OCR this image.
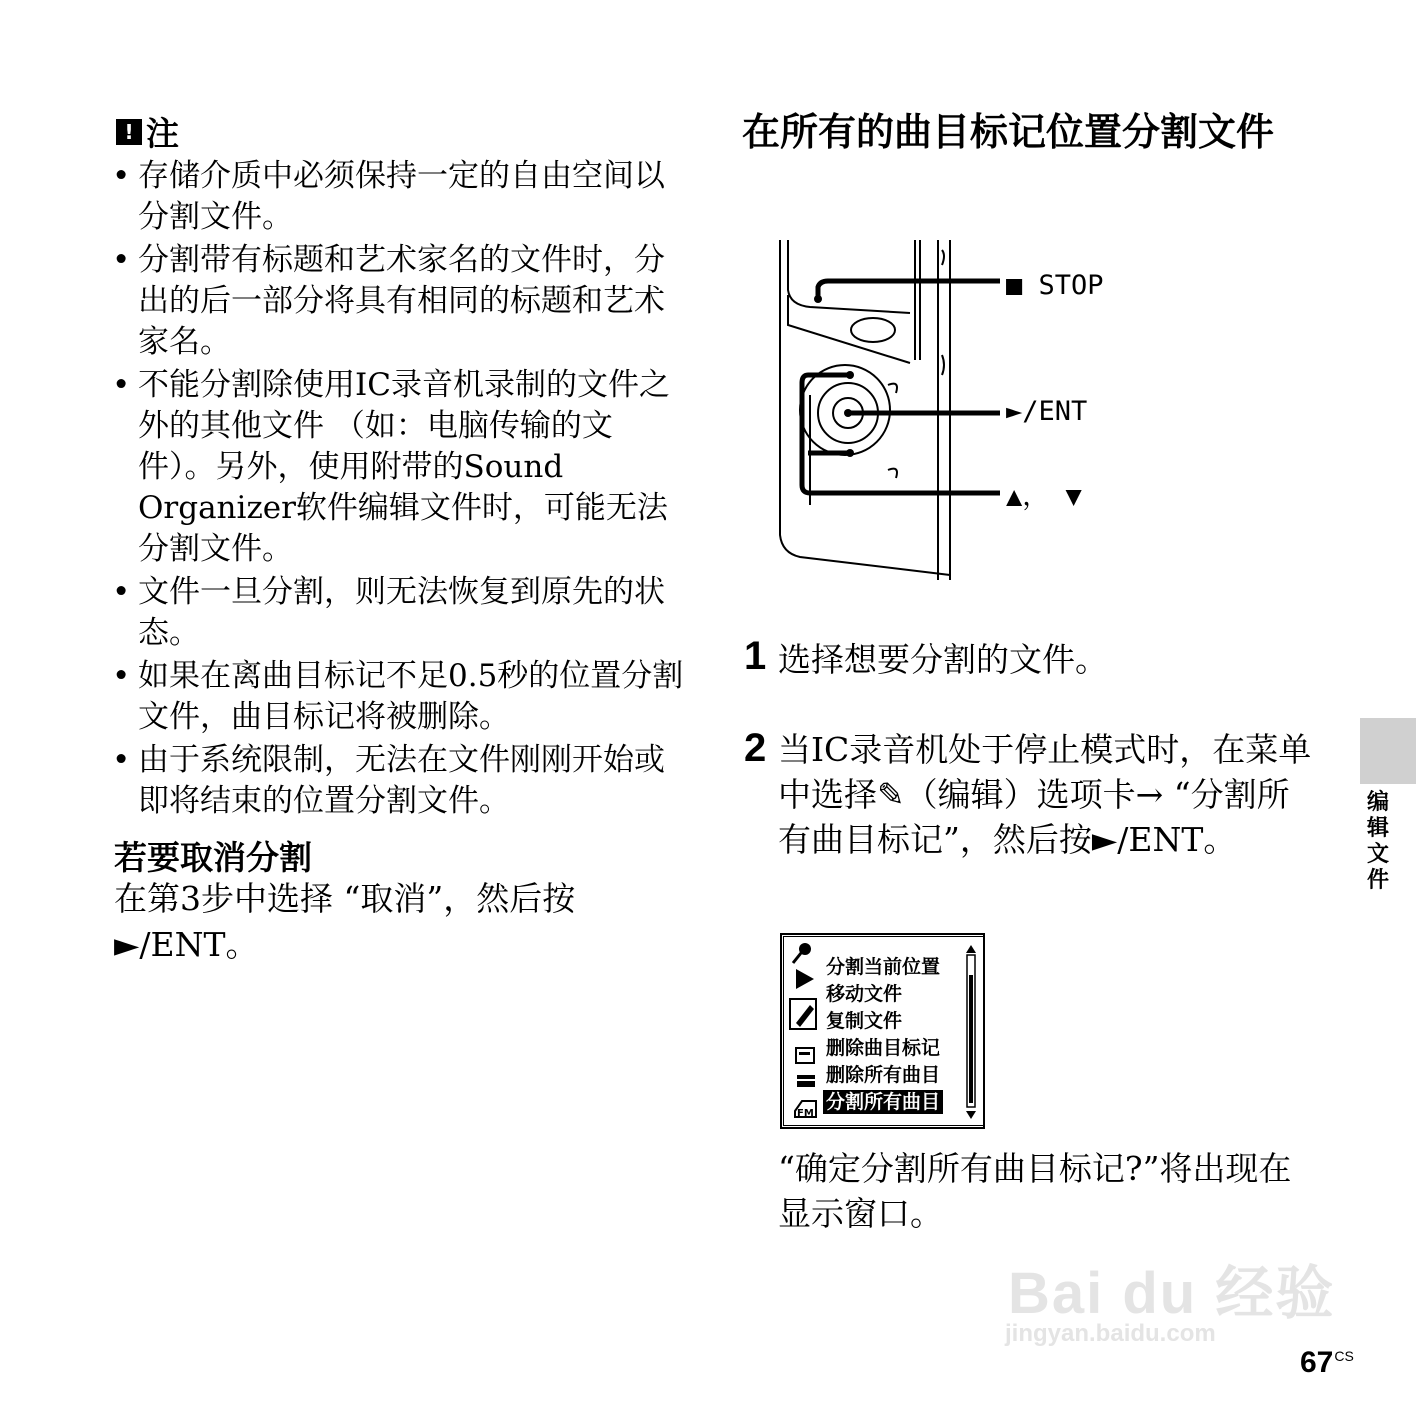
! 注
• 存储介质中必须保持一定的自由空间以分割文件。
• 分割带有标题和艺术家名的文件时，分出的后一部分将具有相同的标题和艺术家名。
• 不能分割除使用IC录音机录制的文件之外的其他文件 （如：电脑传输的文件）。另外，使用附带的Sound Organizer软件编辑文件时，可能无法分割文件。
• 文件一旦分割，则无法恢复到原先的状态。
• 如果在离曲目标记不足0.5秒的位置分割文件，曲目标记将被删除。
• 由于系统限制，无法在文件刚刚开始或即将结束的位置分割文件。
若要取消分割
在第3步中选择 “取消”，然后按►/ENT。
在所有的曲目标记位置分割文件
■ STOP
►/ENT
▲， ▼
1 选择想要分割的文件。
2 当IC录音机处于停止模式时，在菜单中选择✎（编辑）选项卡→ “分割所有曲目标记”，然后按►/ENT。
FM
分割当前位置
移动文件
复制文件
删除曲目标记
删除所有曲目
分割所有曲目
“确定分割所有曲目标记?”将出现在显示窗口。
编辑文件
Bai du 经验
jingyan.baidu.com
$67^{CS}$
